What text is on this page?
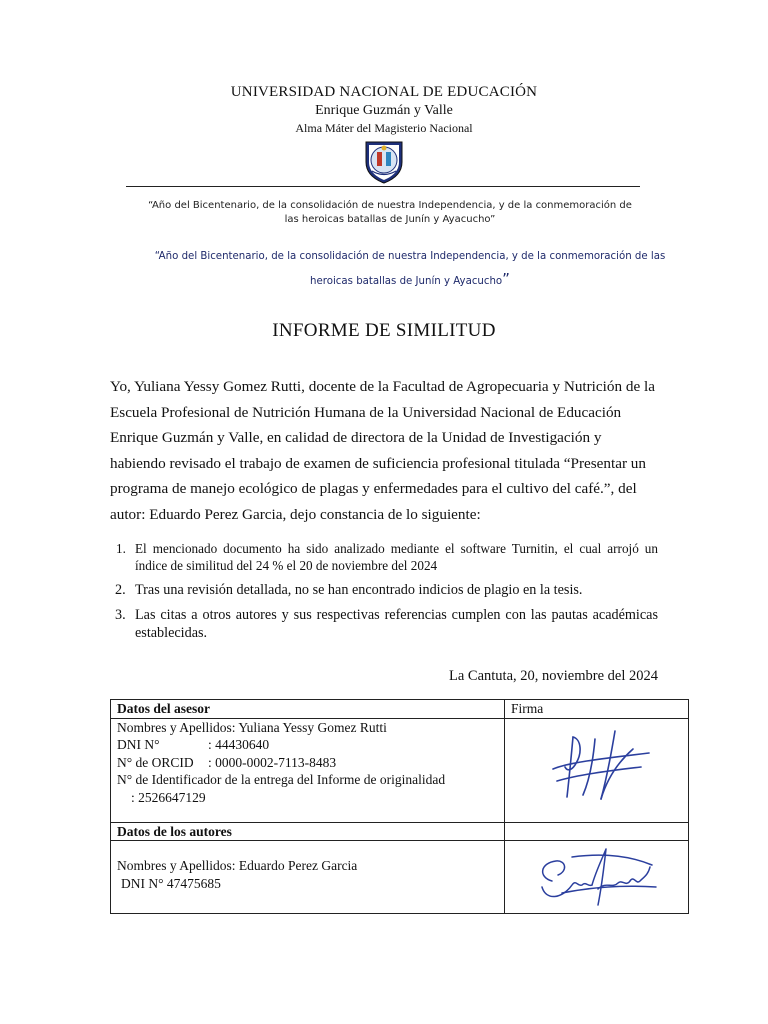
UNIVERSIDAD NACIONAL DE EDUCACIÓN
Enrique Guzmán y Valle
Alma Máter del Magisterio Nacional
“Año del Bicentenario, de la consolidación de nuestra Independencia, y de la conmemoración de las heroicas batallas de Junín y Ayacucho”
“Año del Bicentenario, de la consolidación de nuestra Independencia, y de la conmemoración de las
heroicas batallas de Junín y Ayacucho”
INFORME DE SIMILITUD
Yo, Yuliana Yessy Gomez Rutti, docente de la Facultad de Agropecuaria y Nutrición de la Escuela Profesional de Nutrición Humana de la Universidad Nacional de Educación Enrique Guzmán y Valle, en calidad de directora de la Unidad de Investigación y habiendo revisado el trabajo de examen de suficiencia profesional titulada “Presentar un programa de manejo ecológico de plagas y enfermedades para el cultivo del café.”, del autor: Eduardo Perez Garcia, dejo constancia de lo siguiente:
1. El mencionado documento ha sido analizado mediante el software Turnitin, el cual arrojó un índice de similitud del 24 % el 20 de noviembre del 2024
2. Tras una revisión detallada, no se han encontrado indicios de plagio en la tesis.
3. Las citas a otros autores y sus respectivas referencias cumplen con las pautas académicas establecidas.
La Cantuta, 20, noviembre del 2024
Datos del asesor	Firma

Nombres y Apellidos: Yuliana Yessy Gomez Rutti
DNI N° : 44430640
N° de ORCID : 0000-0002-7113-8483
N° de Identificador de la entrega del Informe de originalidad
: 2526647129

Datos de los autores	

Nombres y Apellidos: Eduardo Perez Garcia
DNI N° 47475685
